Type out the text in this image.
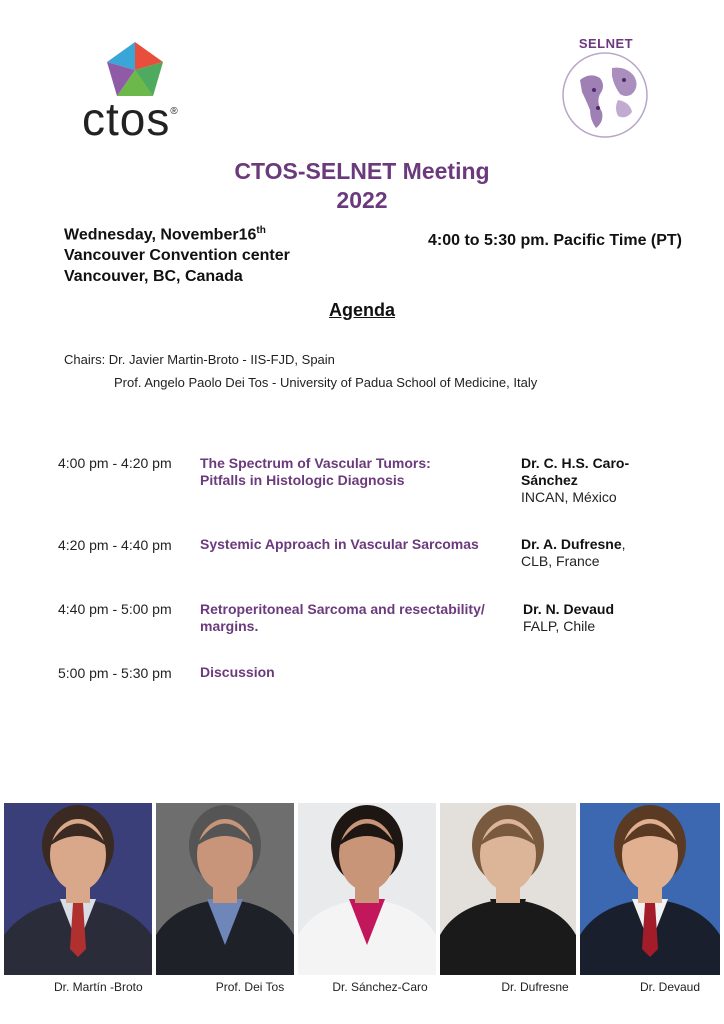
ctos®
SELNET
CTOS-SELNET Meeting
2022
Wednesday, November16th
Vancouver Convention center
Vancouver, BC, Canada
4:00 to 5:30 pm. Pacific Time (PT)
Agenda
Chairs: Dr. Javier Martin-Broto - IIS-FJD, Spain
Prof. Angelo Paolo Dei Tos - University of Padua School of Medicine, Italy
4:00 pm - 4:20 pm The Spectrum of Vascular Tumors:
Pitfalls in Histologic Diagnosis
Dr. C. H.S. Caro-
Sánchez
INCAN, México
4:20 pm - 4:40 pm Systemic Approach in Vascular Sarcomas	Dr. A. Dufresne,
CLB, France
4:40 pm - 5:00 pm Retroperitoneal Sarcoma and resectability/
margins.
Dr. N. Devaud
FALP, Chile
5:00 pm - 5:30 pm Discussion
Dr. Martín -Broto	Prof. Dei Tos	Dr. Sánchez-Caro	Dr. Dufresne	Dr. Devaud
